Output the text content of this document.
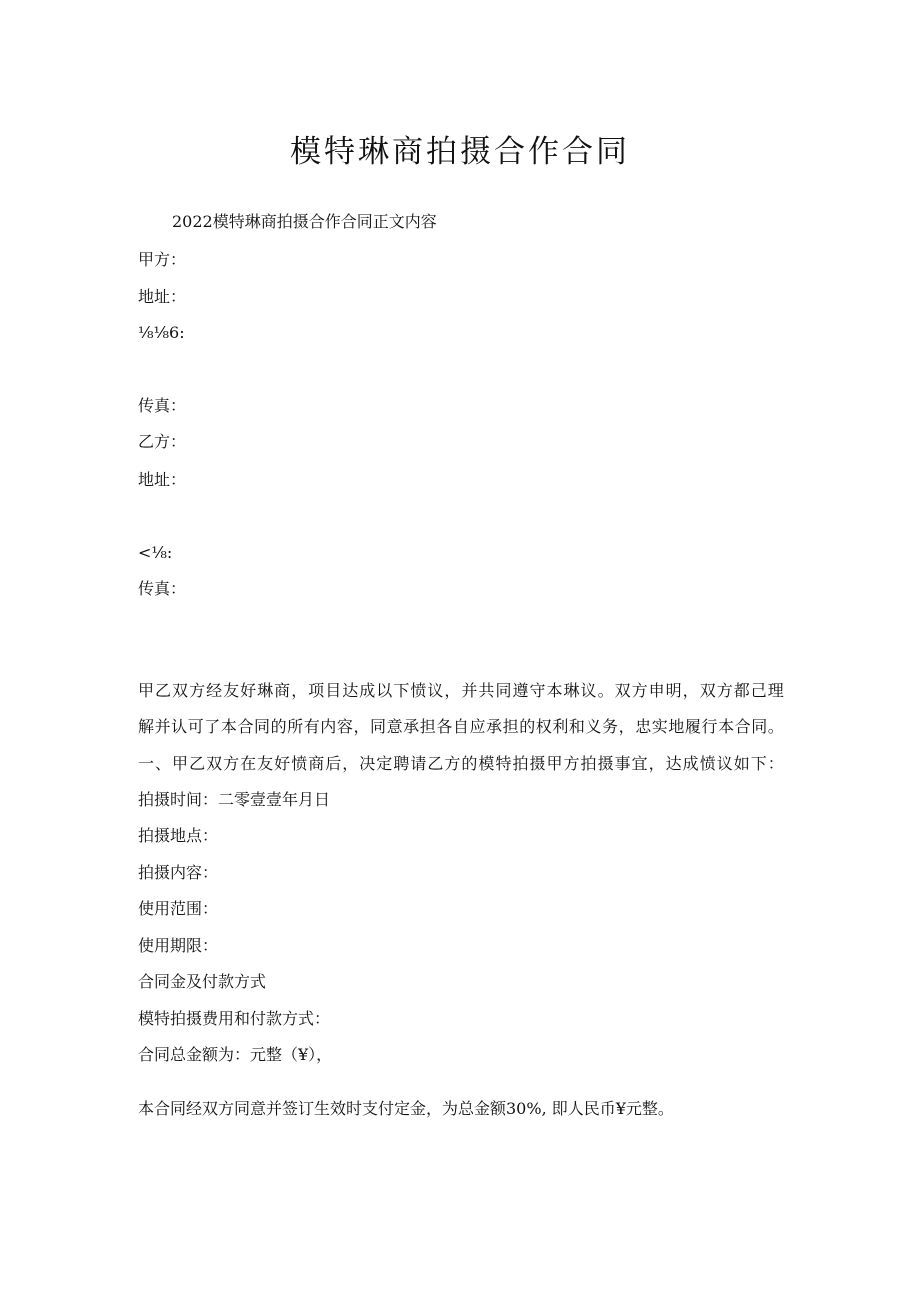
模特琳商拍摄合作合同

2022模特琳商拍摄合作合同正文内容

甲方：

地址：

⅛⅛6:

传真：

乙方：

地址：

<⅛:

传真：

甲乙双方经友好琳商，项目达成以下愤议，并共同遵守本琳议。双方申明，双方都己理

解并认可了本合同的所有内容，同意承担各自应承担的权利和义务，忠实地履行本合同。

一、甲乙双方在友好愤商后，决定聘请乙方的模特拍摄甲方拍摄事宜，达成愤议如下：

拍摄时间：二零壹壹年月日

拍摄地点：

拍摄内容：

使用范围：

使用期限：

合同金及付款方式

模特拍摄费用和付款方式：

合同总金额为：元整（¥），

本合同经双方同意并签订生效时支付定金，为总金额30%, 即人民币¥元整。
